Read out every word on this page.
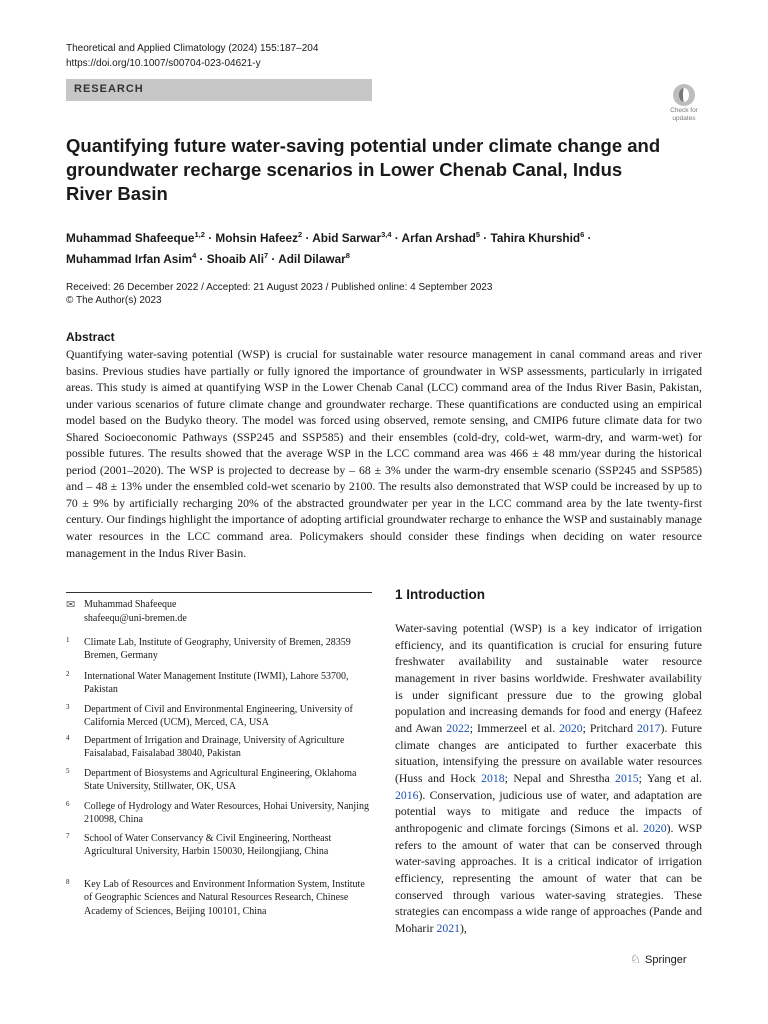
Theoretical and Applied Climatology (2024) 155:187–204
https://doi.org/10.1007/s00704-023-04621-y
RESEARCH
Check for
updates
Quantifying future water-saving potential under climate change and groundwater recharge scenarios in Lower Chenab Canal, Indus River Basin
Muhammad Shafeeque$^{1,2}$ · Mohsin Hafeez$^2$ · Abid Sarwar$^{3,4}$ · Arfan Arshad$^5$ · Tahira Khurshid$^6$ ·
Muhammad Irfan Asim$^4$ · Shoaib Ali$^7$ · Adil Dilawar$^8$
Received: 26 December 2022 / Accepted: 21 August 2023 / Published online: 4 September 2023
© The Author(s) 2023
Abstract

Quantifying water-saving potential (WSP) is crucial for sustainable water resource management in canal command areas and river basins. Previous studies have partially or fully ignored the importance of groundwater in WSP assessments, particularly in irrigated areas. This study is aimed at quantifying WSP in the Lower Chenab Canal (LCC) command area of the Indus River Basin, Pakistan, under various scenarios of future climate change and groundwater recharge. These quantifications are conducted using an empirical model based on the Budyko theory. The model was forced using observed, remote sensing, and CMIP6 future climate data for two Shared Socioeconomic Pathways (SSP245 and SSP585) and their ensembles (cold-dry, cold-wet, warm-dry, and warm-wet) for possible futures. The results showed that the average WSP in the LCC command area was 466 ± 48 mm/year during the historical period (2001–2020). The WSP is projected to decrease by – 68 ± 3% under the warm-dry ensemble scenario (SSP245 and SSP585) and – 48 ± 13% under the ensembled cold-wet scenario by 2100. The results also demonstrated that WSP could be increased by up to 70 ± 9% by artificially recharging 20% of the abstracted groundwater per year in the LCC command area by the late twenty-first century. Our findings highlight the importance of adopting artificial groundwater recharge to enhance the WSP and sustainably manage water resources in the LCC command area. Policymakers should consider these findings when deciding on water resource management in the Indus River Basin.

✉ Muhammad Shafeeque
shafeequ@uni-bremen.de
1 Climate Lab, Institute of Geography, University of Bremen, 28359 Bremen, Germany
2 International Water Management Institute (IWMI), Lahore 53700, Pakistan
3 Department of Civil and Environmental Engineering, University of California Merced (UCM), Merced, CA, USA
4 Department of Irrigation and Drainage, University of Agriculture Faisalabad, Faisalabad 38040, Pakistan
5 Department of Biosystems and Agricultural Engineering, Oklahoma State University, Stillwater, OK, USA
6 College of Hydrology and Water Resources, Hohai University, Nanjing 210098, China
7 School of Water Conservancy & Civil Engineering, Northeast Agricultural University, Harbin 150030, Heilongjiang, China
8 Key Lab of Resources and Environment Information System, Institute of Geographic Sciences and Natural Resources Research, Chinese Academy of Sciences, Beijing 100101, China
1 Introduction

Water-saving potential (WSP) is a key indicator of irrigation efficiency, and its quantification is crucial for ensuring future freshwater availability and sustainable water resource management in river basins worldwide. Freshwater availability is under significant pressure due to the growing global population and increasing demands for food and energy (Hafeez and Awan 2022; Immerzeel et al. 2020; Pritchard 2017). Future climate changes are anticipated to further exacerbate this situation, intensifying the pressure on available water resources (Huss and Hock 2018; Nepal and Shrestha 2015; Yang et al. 2016). Conservation, judicious use of water, and adaptation are potential ways to mitigate and reduce the impacts of anthropogenic and climate forcings (Simons et al. 2020). WSP refers to the amount of water that can be conserved through water-saving approaches. It is a critical indicator of irrigation efficiency, representing the amount of water that can be conserved through various water-saving strategies. These strategies can encompass a wide range of approaches (Pande and Moharir 2021),

♘ Springer
